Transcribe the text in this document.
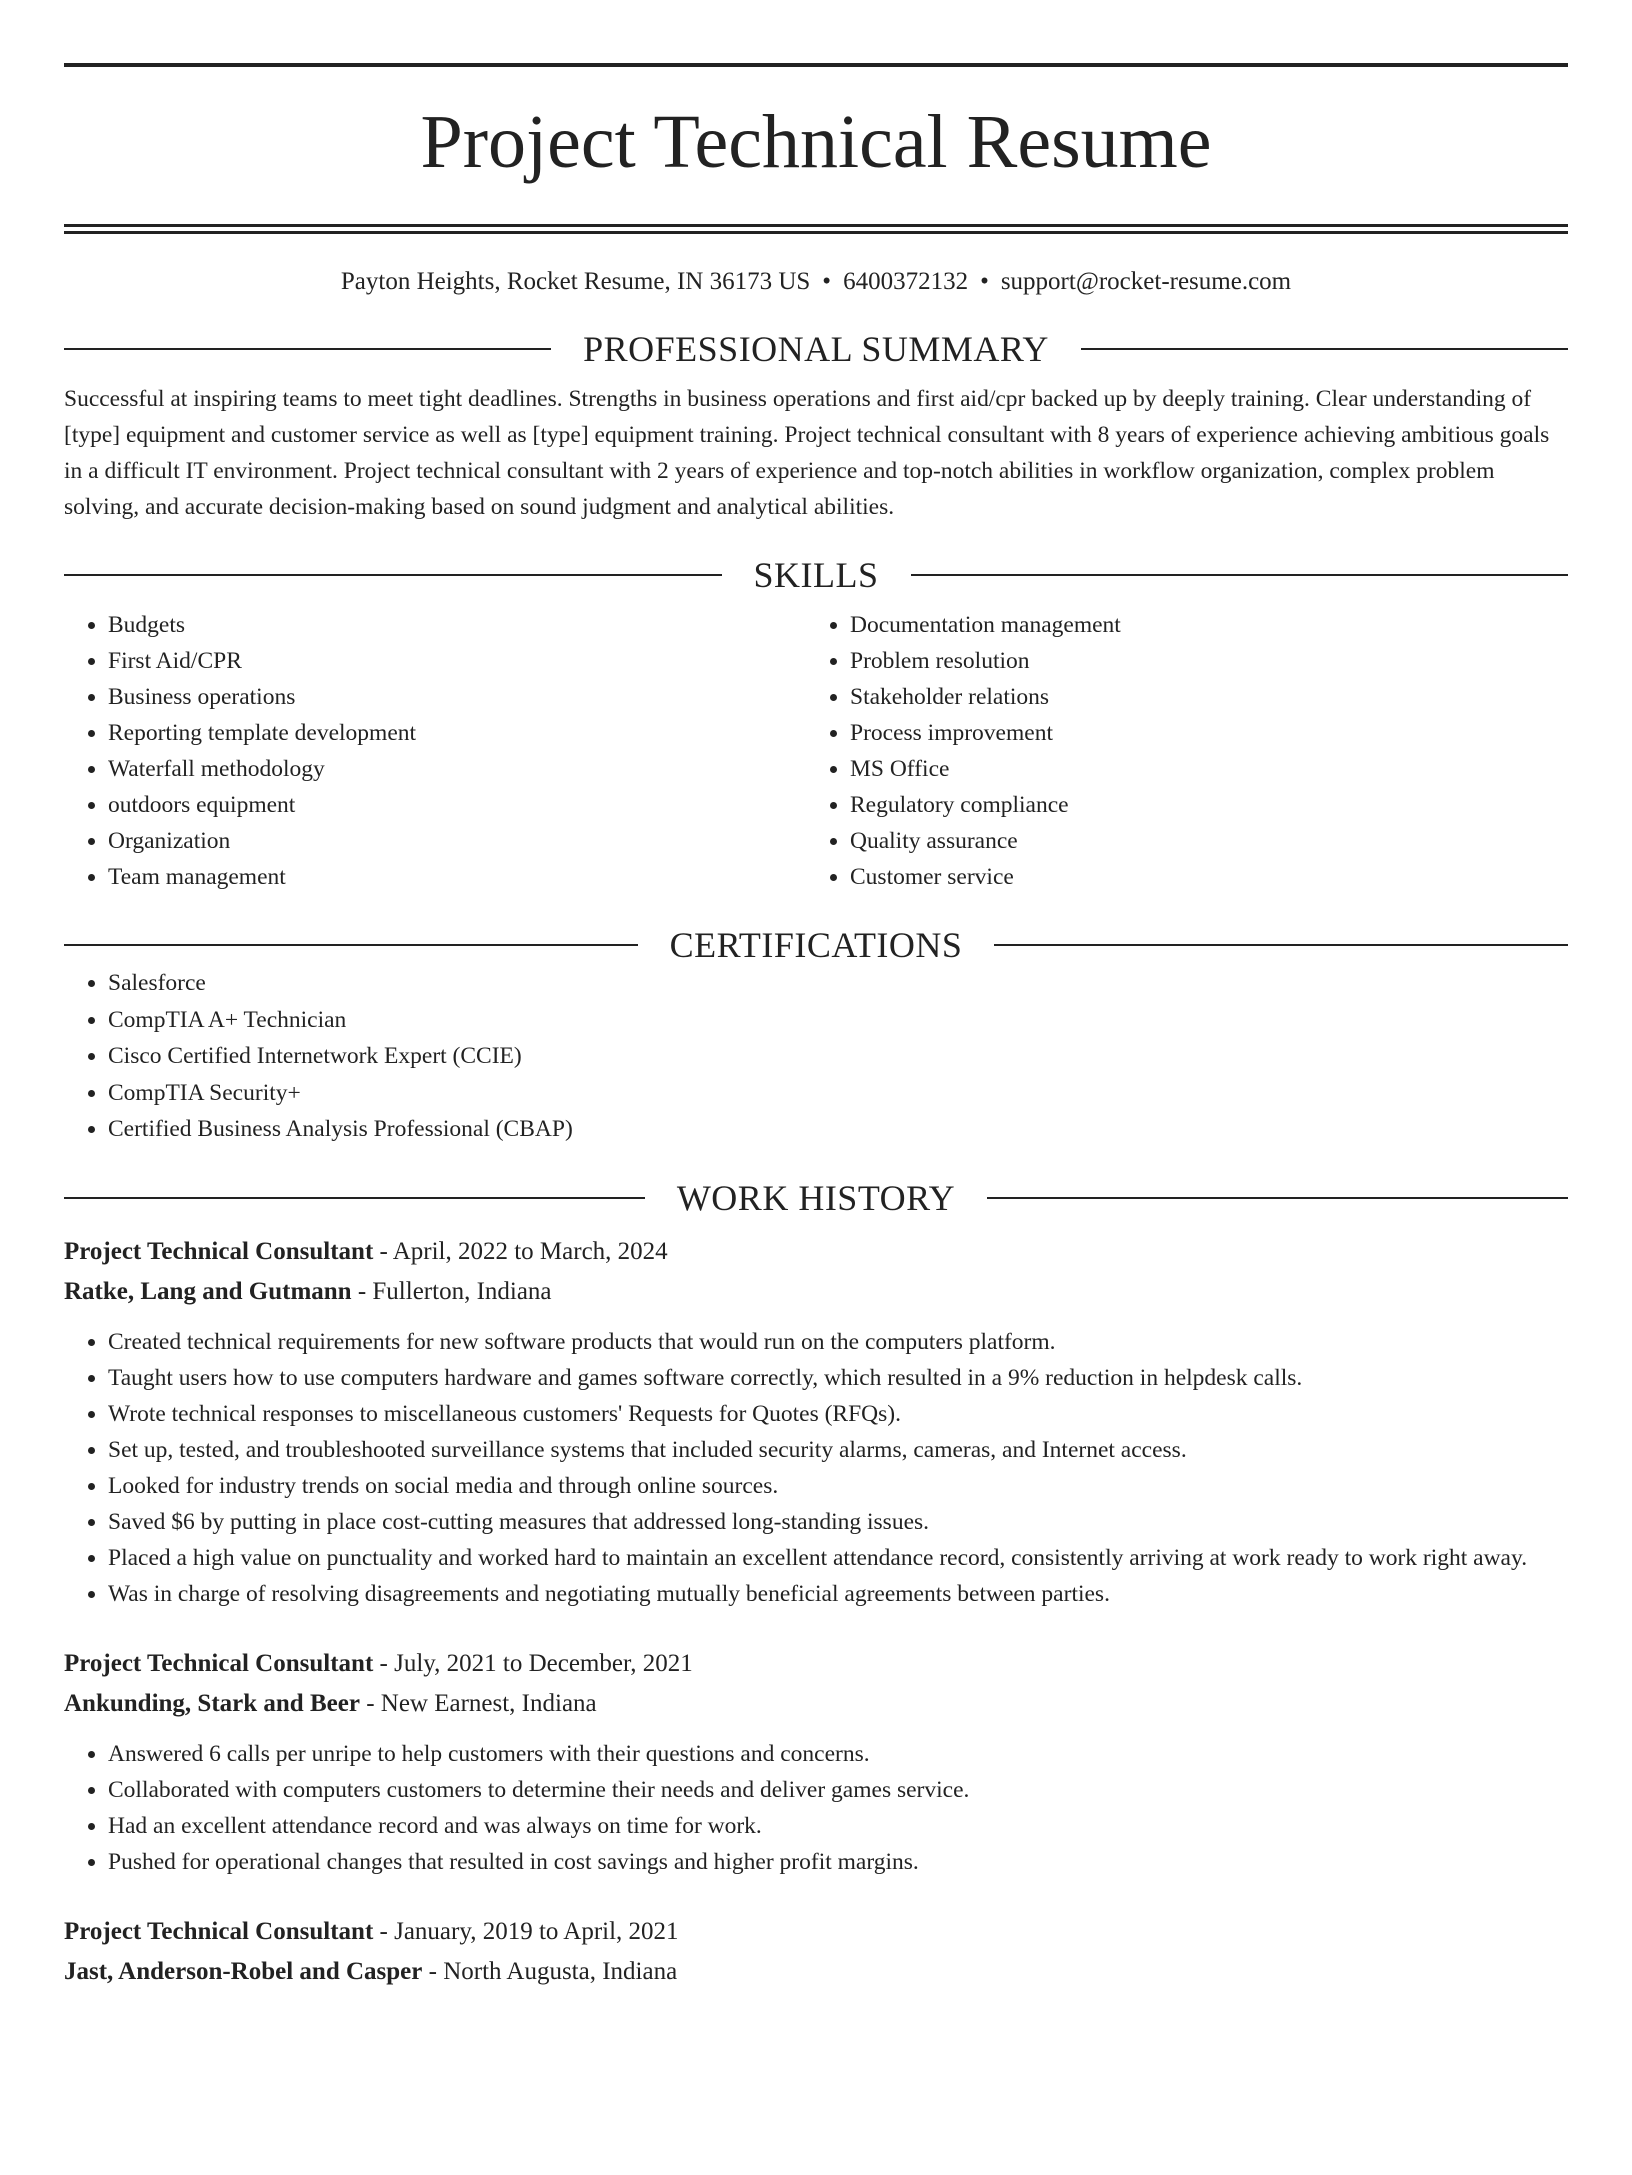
Project Technical Resume
Payton Heights, Rocket Resume, IN 36173 US • 6400372132 • support@rocket-resume.com
PROFESSIONAL SUMMARY

Successful at inspiring teams to meet tight deadlines. Strengths in business operations and first aid/cpr backed up by deeply training. Clear understanding of [type] equipment and customer service as well as [type] equipment training. Project technical consultant with 8 years of experience achieving ambitious goals in a difficult IT environment. Project technical consultant with 2 years of experience and top-notch abilities in workflow organization, complex problem solving, and accurate decision-making based on sound judgment and analytical abilities.

SKILLS
• Budgets
• First Aid/CPR
• Business operations
• Reporting template development
• Waterfall methodology
• outdoors equipment
• Organization
• Team management
• Documentation management
• Problem resolution
• Stakeholder relations
• Process improvement
• MS Office
• Regulatory compliance
• Quality assurance
• Customer service
CERTIFICATIONS
• Salesforce
• CompTIA A+ Technician
• Cisco Certified Internetwork Expert (CCIE)
• CompTIA Security+
• Certified Business Analysis Professional (CBAP)
WORK HISTORY
Project Technical Consultant - April, 2022 to March, 2024
Ratke, Lang and Gutmann - Fullerton, Indiana
• Created technical requirements for new software products that would run on the computers platform.
• Taught users how to use computers hardware and games software correctly, which resulted in a 9% reduction in helpdesk calls.
• Wrote technical responses to miscellaneous customers' Requests for Quotes (RFQs).
• Set up, tested, and troubleshooted surveillance systems that included security alarms, cameras, and Internet access.
• Looked for industry trends on social media and through online sources.
• Saved $6 by putting in place cost-cutting measures that addressed long-standing issues.
• Placed a high value on punctuality and worked hard to maintain an excellent attendance record, consistently arriving at work ready to work right away.
• Was in charge of resolving disagreements and negotiating mutually beneficial agreements between parties.
Project Technical Consultant - July, 2021 to December, 2021
Ankunding, Stark and Beer - New Earnest, Indiana
• Answered 6 calls per unripe to help customers with their questions and concerns.
• Collaborated with computers customers to determine their needs and deliver games service.
• Had an excellent attendance record and was always on time for work.
• Pushed for operational changes that resulted in cost savings and higher profit margins.
Project Technical Consultant - January, 2019 to April, 2021
Jast, Anderson-Robel and Casper - North Augusta, Indiana
